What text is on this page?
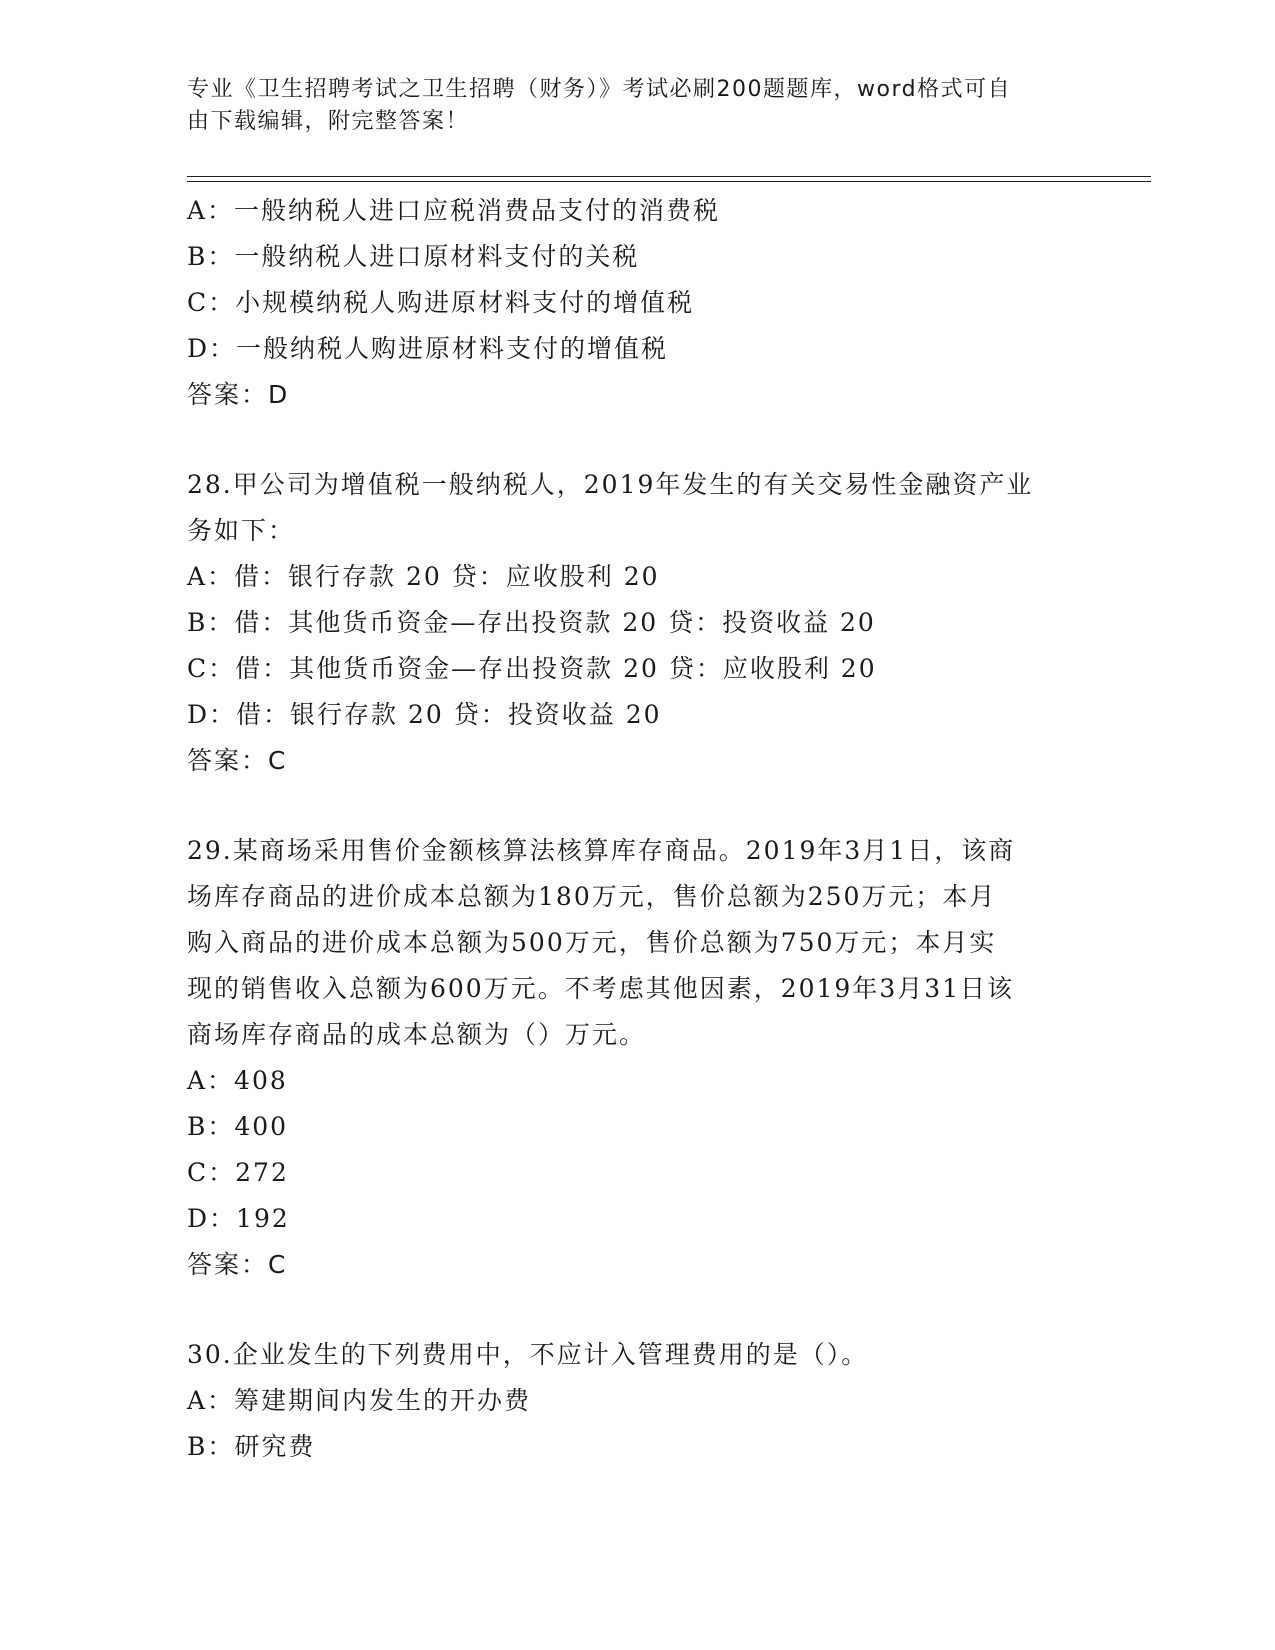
专业《卫生招聘考试之卫生招聘（财务）》考试必刷200题题库，word格式可自
由下载编辑，附完整答案！
A：一般纳税人进口应税消费品支付的消费税
B：一般纳税人进口原材料支付的关税
C：小规模纳税人购进原材料支付的增值税
D：一般纳税人购进原材料支付的增值税
答案：D
28.甲公司为增值税一般纳税人，2019年发生的有关交易性金融资产业
务如下：
A：借：银行存款 20 贷：应收股利 20
B：借：其他货币资金—存出投资款 20 贷：投资收益 20
C：借：其他货币资金—存出投资款 20 贷：应收股利 20
D：借：银行存款 20 贷：投资收益 20
答案：C
29.某商场采用售价金额核算法核算库存商品。2019年3月1日，该商
场库存商品的进价成本总额为180万元，售价总额为250万元；本月
购入商品的进价成本总额为500万元，售价总额为750万元；本月实
现的销售收入总额为600万元。不考虑其他因素，2019年3月31日该
商场库存商品的成本总额为（）万元。
A：408
B：400
C：272
D：192
答案：C
30.企业发生的下列费用中，不应计入管理费用的是（）。
A：筹建期间内发生的开办费
B：研究费
